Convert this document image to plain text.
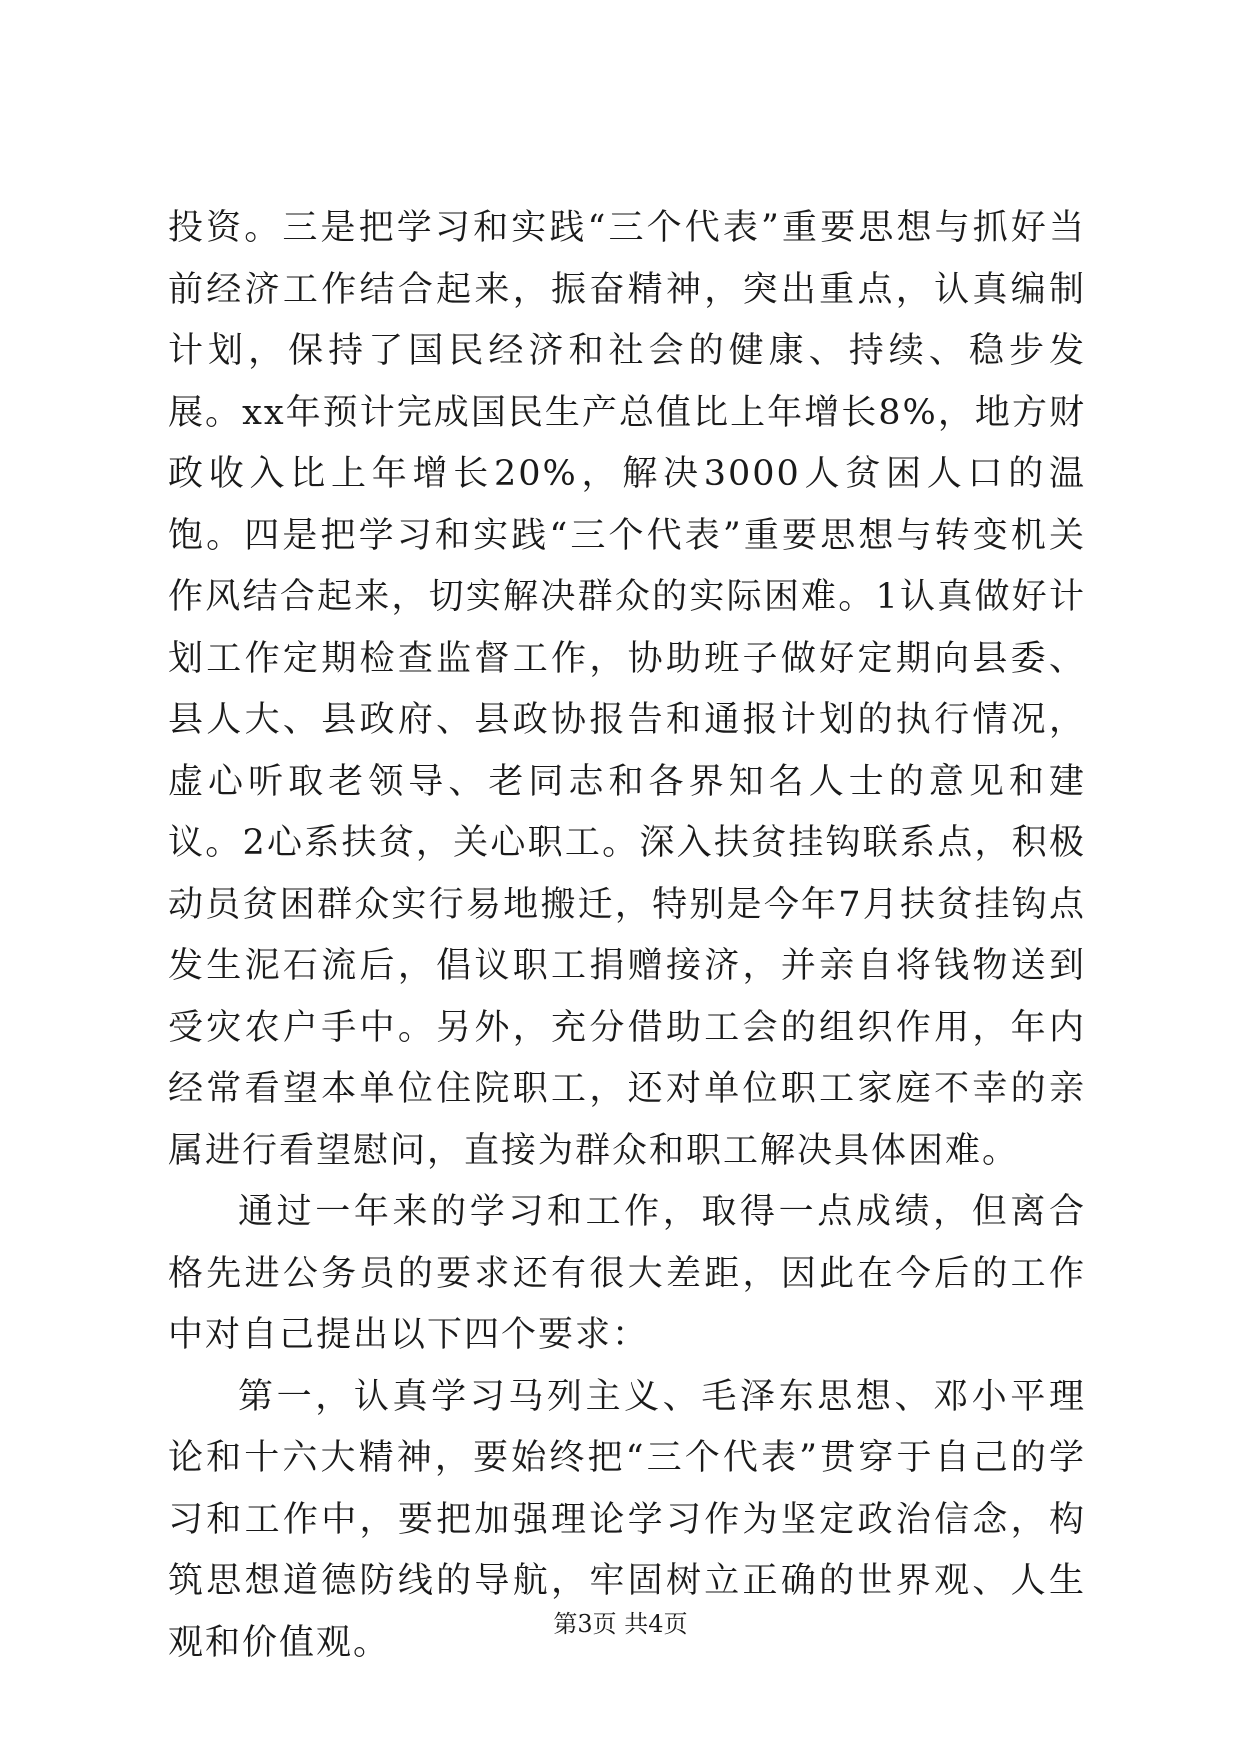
投资。三是把学习和实践“三个代表”重要思想与抓好当前经济工作结合起来，振奋精神，突出重点，认真编制计划，保持了国民经济和社会的健康、持续、稳步发展。xx年预计完成国民生产总值比上年增长8%，地方财政收入比上年增长20%，解决3000人贫困人口的温饱。四是把学习和实践“三个代表”重要思想与转变机关作风结合起来，切实解决群众的实际困难。1认真做好计划工作定期检查监督工作，协助班子做好定期向县委、县人大、县政府、县政协报告和通报计划的执行情况，虚心听取老领导、老同志和各界知名人士的意见和建议。2心系扶贫，关心职工。深入扶贫挂钩联系点，积极动员贫困群众实行易地搬迁，特别是今年7月扶贫挂钩点发生泥石流后，倡议职工捐赠接济，并亲自将钱物送到受灾农户手中。另外，充分借助工会的组织作用，年内经常看望本单位住院职工，还对单位职工家庭不幸的亲属进行看望慰问，直接为群众和职工解决具体困难。

通过一年来的学习和工作，取得一点成绩，但离合格先进公务员的要求还有很大差距，因此在今后的工作中对自己提出以下四个要求：

第一，认真学习马列主义、毛泽东思想、邓小平理论和十六大精神，要始终把“三个代表”贯穿于自己的学习和工作中，要把加强理论学习作为坚定政治信念，构筑思想道德防线的导航，牢固树立正确的世界观、人生观和价值观。	第3页 共4页
